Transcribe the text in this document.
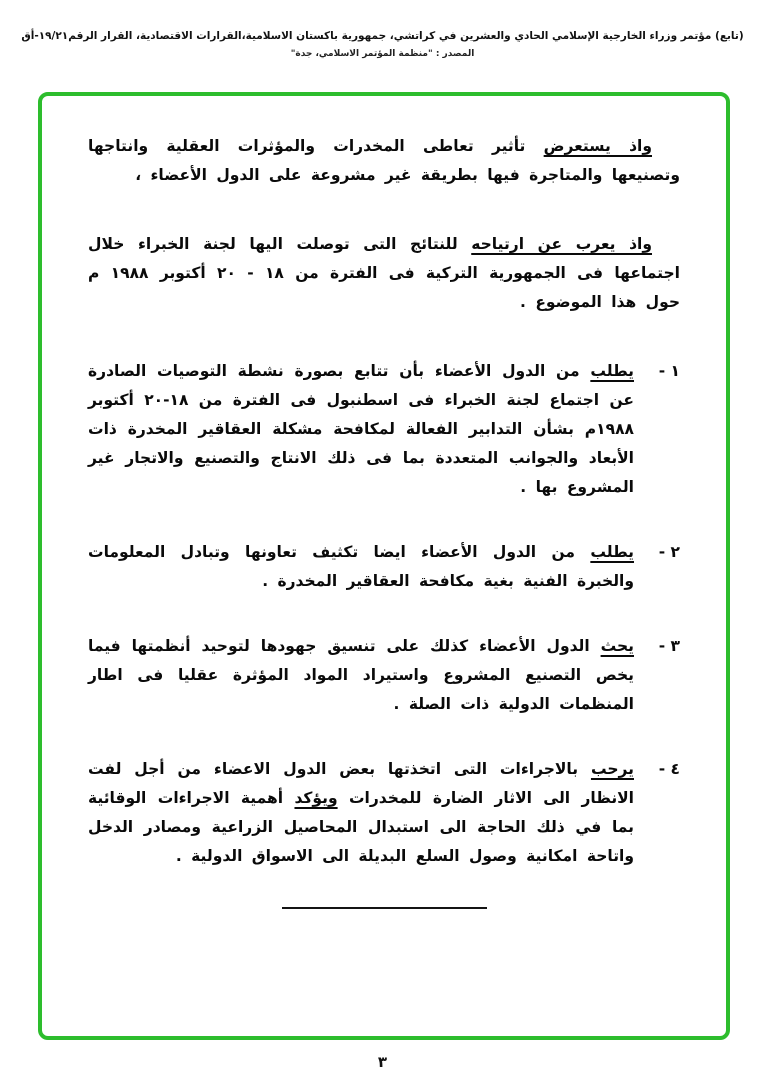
(تابع) مؤتمر وزراء الخارجية الإسلامي الحادي والعشرين في كراتشي، جمهورية باكستان الاسلامية،القرارات الاقتصادية، القرار الرقم١٩/٢١-أق
المصدر : "منظمة المؤتمر الاسلامي، جدة"

واذ يستعرض تأثير تعاطى المخدرات والمؤثرات العقلية وانتاجها وتصنيعها والمتاجرة فيها بطريقة غير مشروعة على الدول الأعضاء ،

واذ يعرب عن ارتياحه للنتائج التى توصلت اليها لجنة الخبراء خلال اجتماعها فى الجمهورية التركية فى الفترة من ١٨ - ٢٠ أكتوبر ١٩٨٨ م حول هذا الموضوع .

١ -

يطلب من الدول الأعضاء بأن تتابع بصورة نشطة التوصيات الصادرة عن اجتماع لجنة الخبراء فى اسطنبول فى الفترة من ١٨-٢٠ أكتوبر ١٩٨٨م بشأن التدابير الفعالة لمكافحة مشكلة العقاقير المخدرة ذات الأبعاد والجوانب المتعددة بما فى ذلك الانتاج والتصنيع والاتجار غير المشروع بها .

٢ -

يطلب من الدول الأعضاء ايضا تكثيف تعاونها وتبادل المعلومات والخبرة الفنية بغية مكافحة العقاقير المخدرة .

٣ -

يحث الدول الأعضاء كذلك على تنسيق جهودها لتوحيد أنظمتها فيما يخص التصنيع المشروع واستيراد المواد المؤثرة عقليا فى اطار المنظمات الدولية ذات الصلة .

٤ -

يرحب بالاجراءات التى اتخذتها بعض الدول الاعضاء من أجل لفت الانظار الى الاثار الضارة للمخدرات ويؤكد أهمية الاجراءات الوقائية بما في ذلك الحاجة الى استبدال المحاصيل الزراعية ومصادر الدخل واتاحة امكانية وصول السلع البديلة الى الاسواق الدولية .

٣
